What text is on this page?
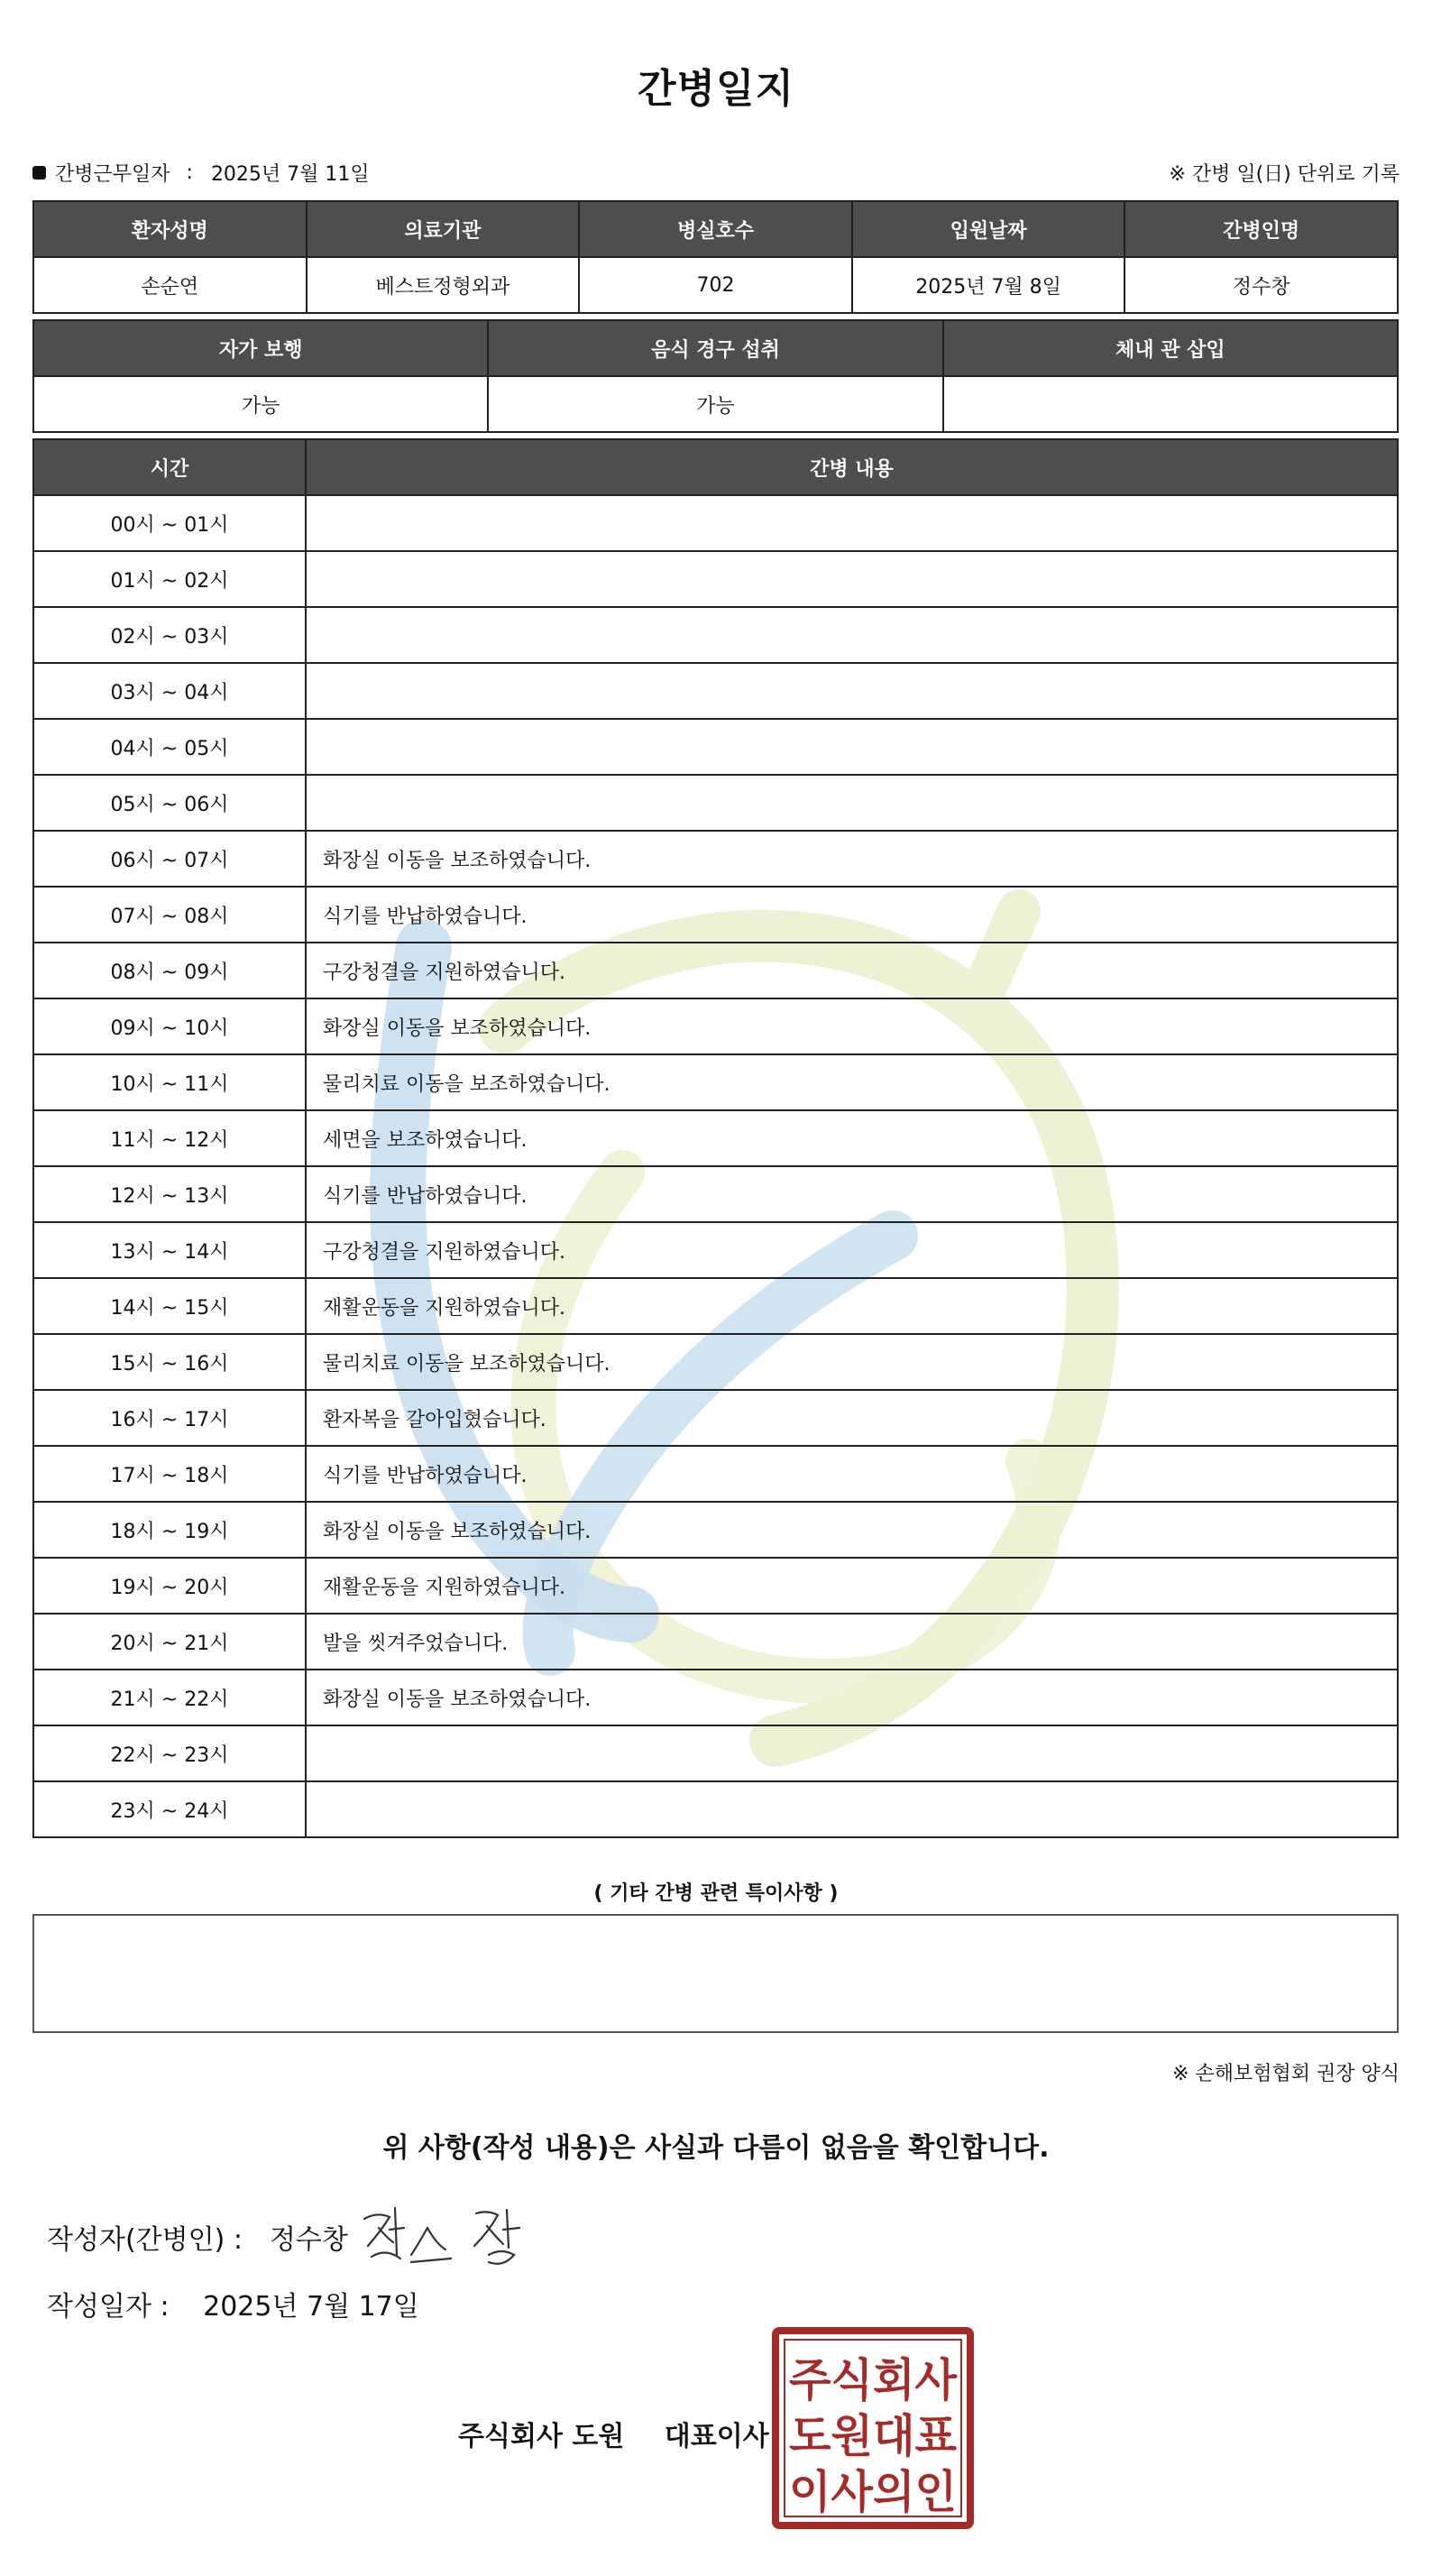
간병일지
간병근무일자 : 2025년 7월 11일	※ 간병 일(日) 단위로 기록
환자성명	의료기관	병실호수	입원날짜	간병인명
손순연	베스트정형외과	702	2025년 7월 8일	정수창
자가 보행	음식 경구 섭취	체내 관 삽입
가능	가능	
시간	간병 내용
00시 ~ 01시	
01시 ~ 02시	
02시 ~ 03시	
03시 ~ 04시	
04시 ~ 05시	
05시 ~ 06시	
06시 ~ 07시	화장실 이동을 보조하였습니다.
07시 ~ 08시	식기를 반납하였습니다.
08시 ~ 09시	구강청결을 지원하였습니다.
09시 ~ 10시	화장실 이동을 보조하였습니다.
10시 ~ 11시	물리치료 이동을 보조하였습니다.
11시 ~ 12시	세면을 보조하였습니다.
12시 ~ 13시	식기를 반납하였습니다.
13시 ~ 14시	구강청결을 지원하였습니다.
14시 ~ 15시	재활운동을 지원하였습니다.
15시 ~ 16시	물리치료 이동을 보조하였습니다.
16시 ~ 17시	환자복을 갈아입혔습니다.
17시 ~ 18시	식기를 반납하였습니다.
18시 ~ 19시	화장실 이동을 보조하였습니다.
19시 ~ 20시	재활운동을 지원하였습니다.
20시 ~ 21시	발을 씻겨주었습니다.
21시 ~ 22시	화장실 이동을 보조하였습니다.
22시 ~ 23시	
23시 ~ 24시	
( 기타 간병 관련 특이사항 )
※ 손해보험협회 권장 양식
위 사항(작성 내용)은 사실과 다름이 없음을 확인합니다.
작성자(간병인) : 정수창
작성일자 : 2025년 7월 17일
주식회사 도원 대표이사
주식회사
도원대표
이사의인
